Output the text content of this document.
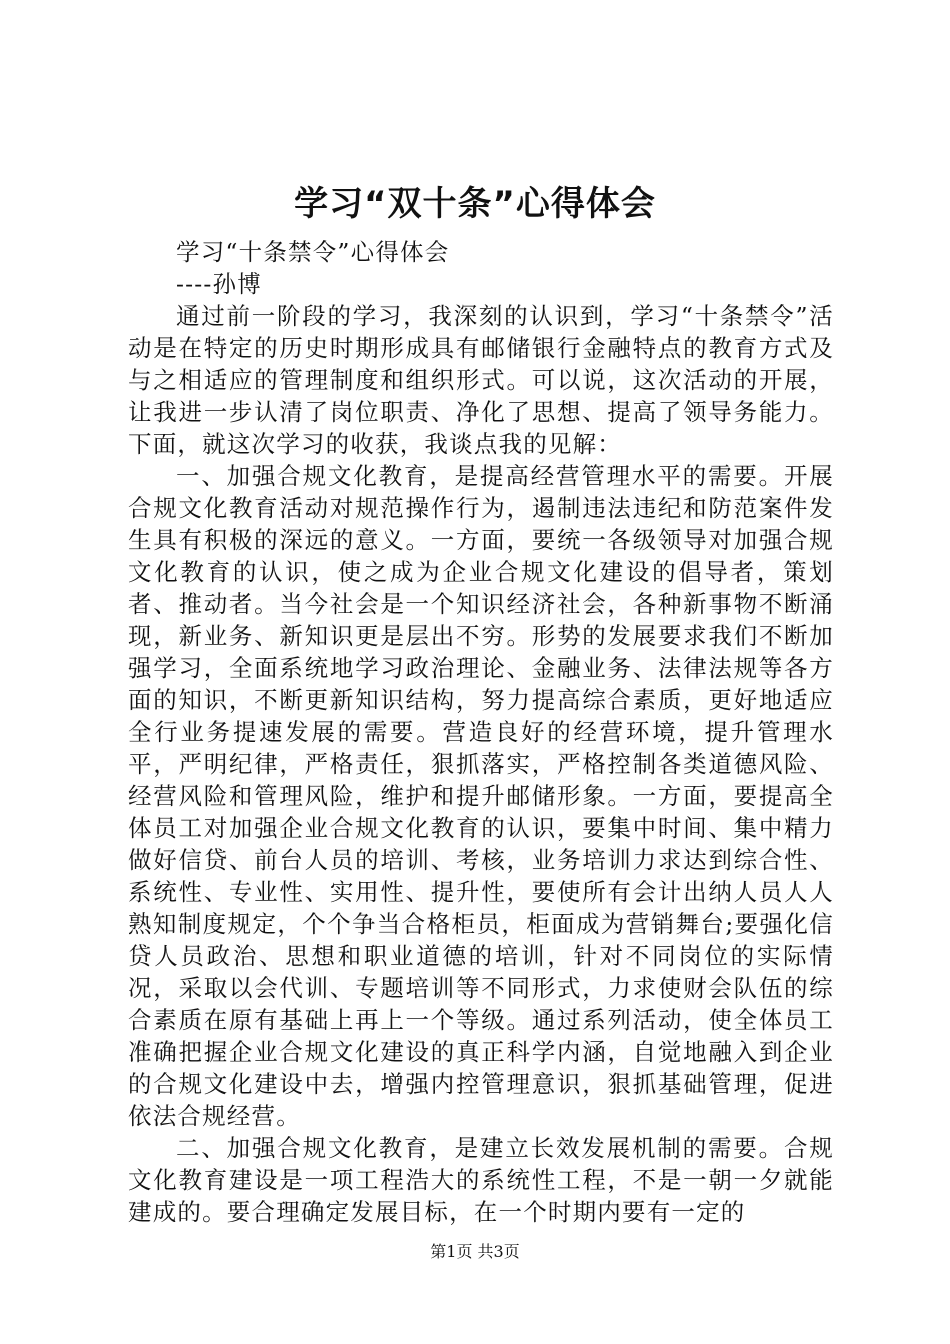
学习“双十条”心得体会

学习“十条禁令”心得体会

----孙博

通过前一阶段的学习，我深刻的认识到，学习“十条禁令”活动是在特定的历史时期形成具有邮储银行金融特点的教育方式及与之相适应的管理制度和组织形式。可以说，这次活动的开展，让我进一步认清了岗位职责、净化了思想、提高了领导务能力。下面，就这次学习的收获，我谈点我的见解：

一、加强合规文化教育，是提高经营管理水平的需要。开展合规文化教育活动对规范操作行为，遏制违法违纪和防范案件发生具有积极的深远的意义。一方面，要统一各级领导对加强合规文化教育的认识，使之成为企业合规文化建设的倡导者，策划者、推动者。当今社会是一个知识经济社会，各种新事物不断涌现，新业务、新知识更是层出不穷。形势的发展要求我们不断加强学习，全面系统地学习政治理论、金融业务、法律法规等各方面的知识，不断更新知识结构，努力提高综合素质，更好地适应全行业务提速发展的需要。营造良好的经营环境，提升管理水平，严明纪律，严格责任，狠抓落实，严格控制各类道德风险、经营风险和管理风险，维护和提升邮储形象。一方面，要提高全体员工对加强企业合规文化教育的认识，要集中时间、集中精力做好信贷、前台人员的培训、考核，业务培训力求达到综合性、系统性、专业性、实用性、提升性，要使所有会计出纳人员人人熟知制度规定，个个争当合格柜员，柜面成为营销舞台;要强化信贷人员政治、思想和职业道德的培训，针对不同岗位的实际情况，采取以会代训、专题培训等不同形式，力求使财会队伍的综合素质在原有基础上再上一个等级。通过系列活动，使全体员工准确把握企业合规文化建设的真正科学内涵，自觉地融入到企业的合规文化建设中去，增强内控管理意识，狠抓基础管理，促进依法合规经营。

二、加强合规文化教育，是建立长效发展机制的需要。合规文化教育建设是一项工程浩大的系统性工程，不是一朝一夕就能建成的。要合理确定发展目标，在一个时期内要有一定的

第1页 共3页
